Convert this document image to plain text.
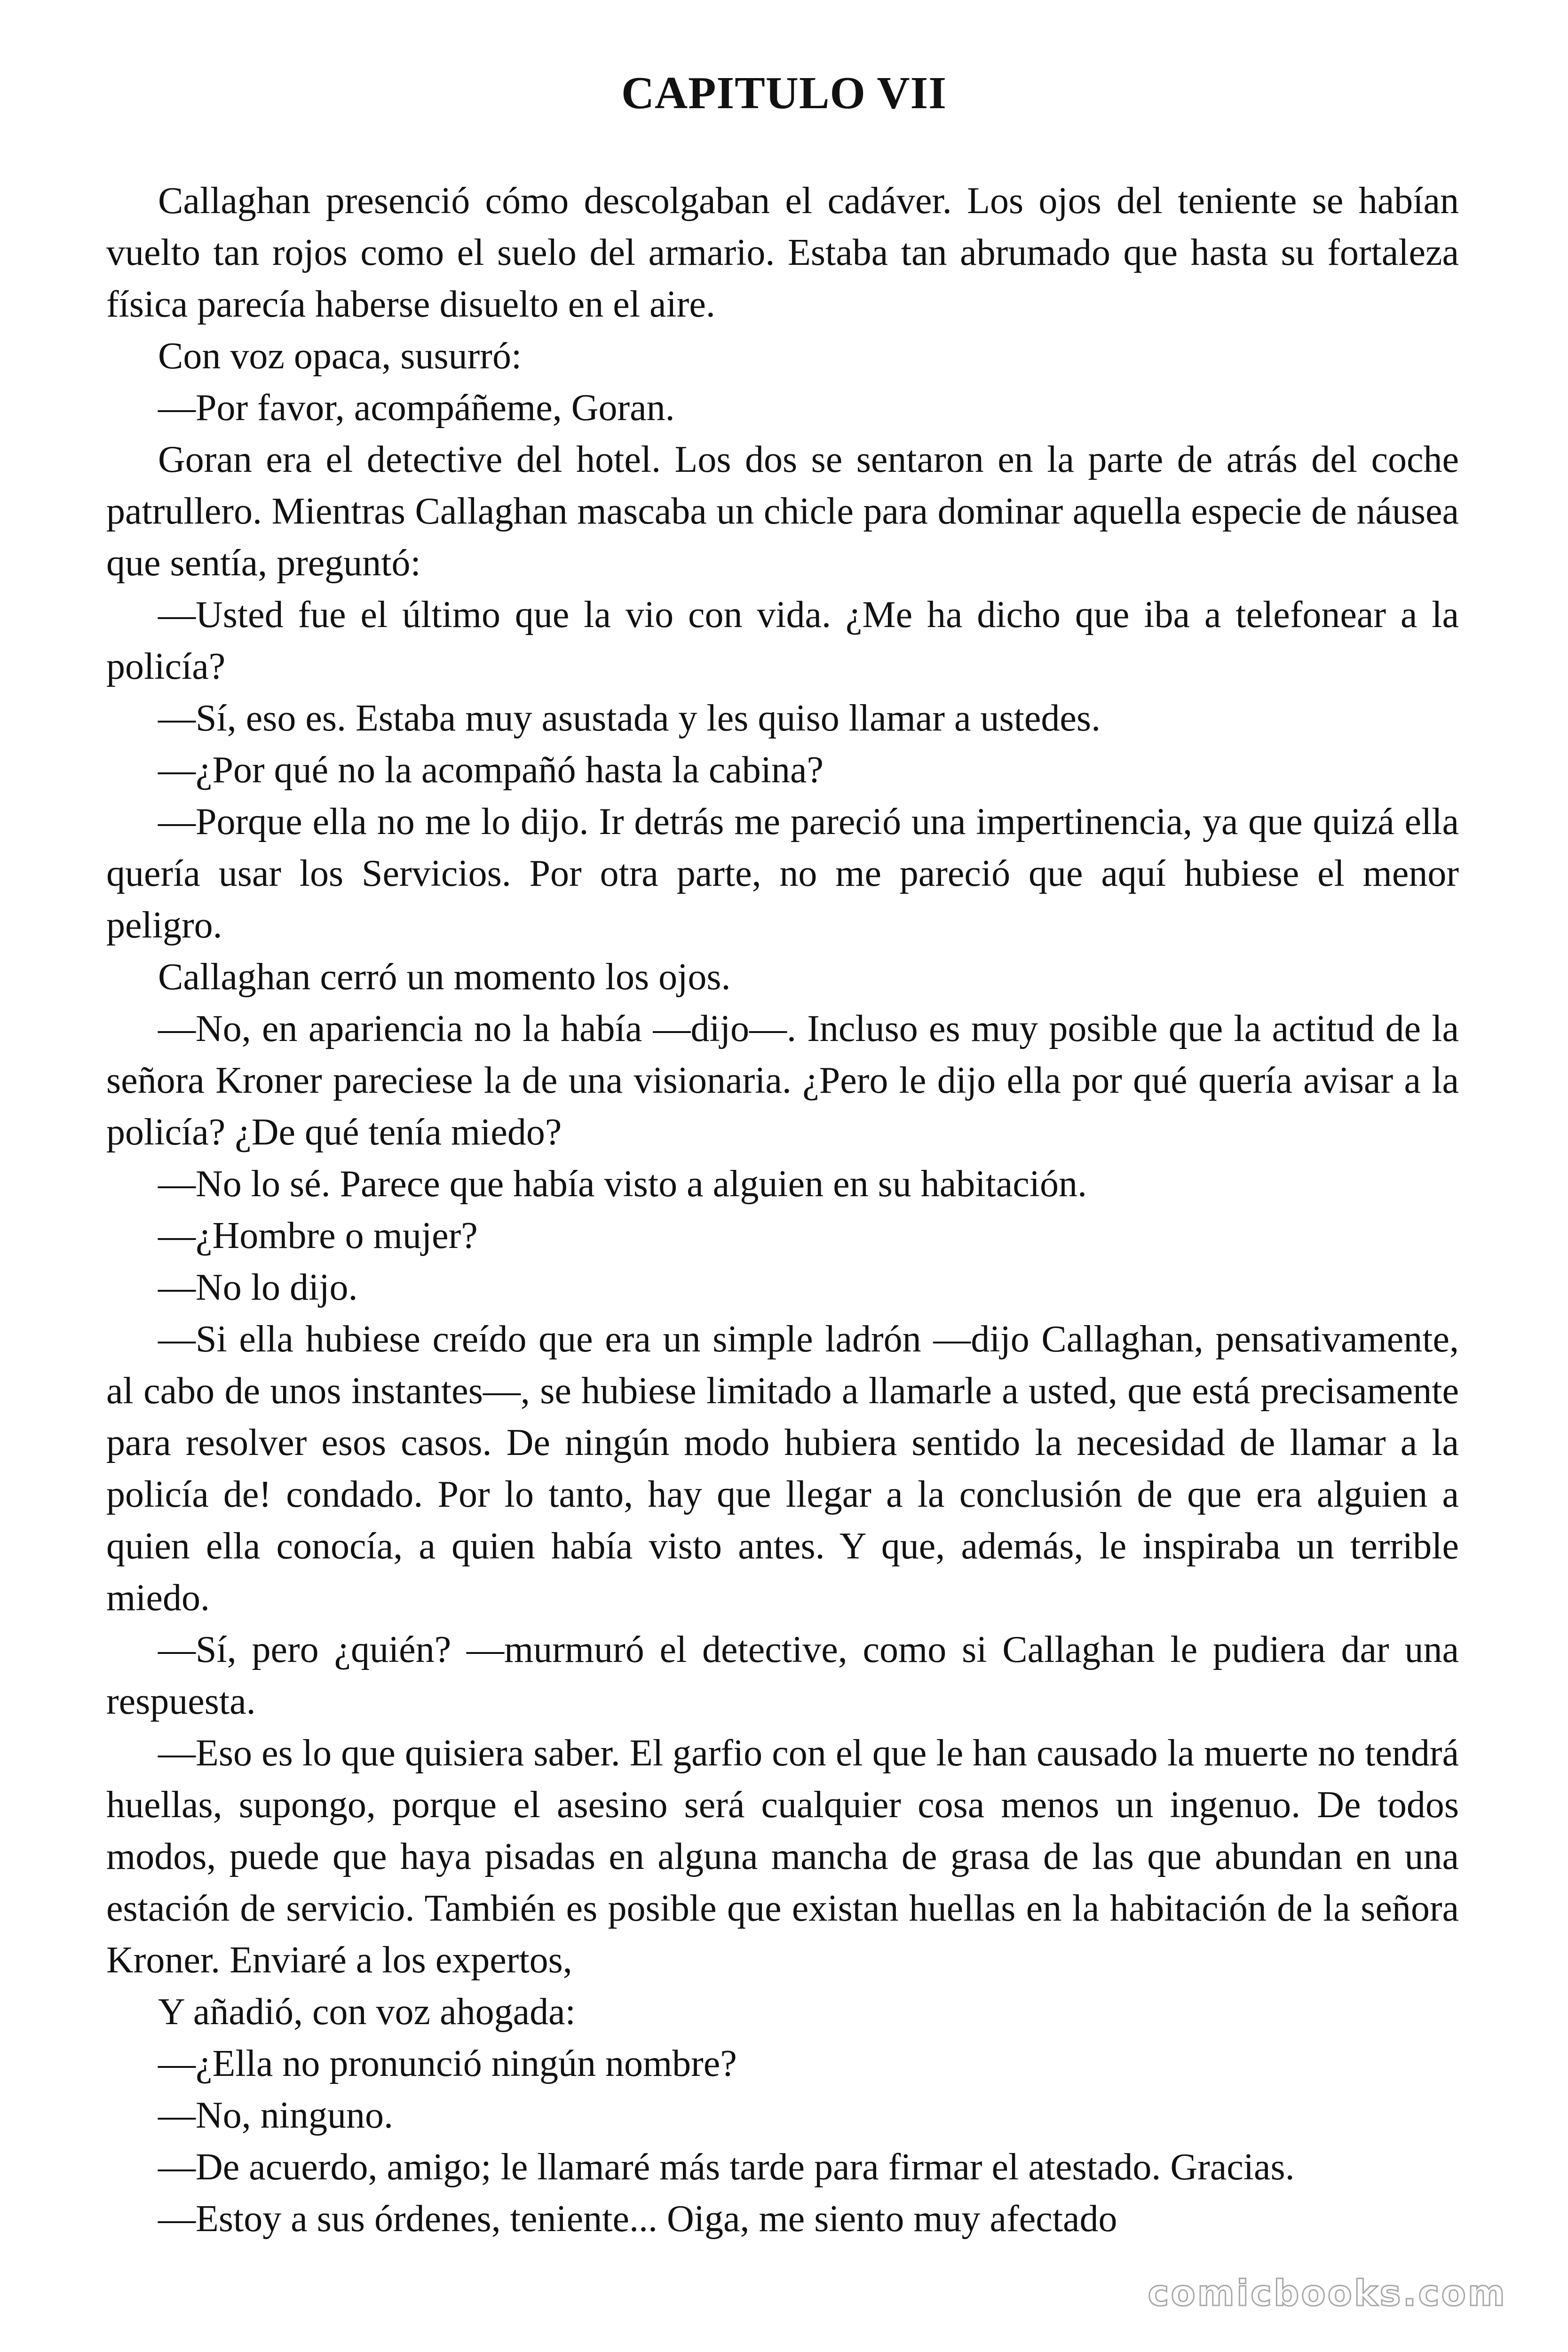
CAPITULO VII

Callaghan presenció cómo descolgaban el cadáver. Los ojos del teniente se habían vuelto tan rojos como el suelo del armario. Estaba tan abrumado que hasta su fortaleza física parecía haberse disuelto en el aire.

Con voz opaca, susurró:

—Por favor, acompáñeme, Goran.

Goran era el detective del hotel. Los dos se sentaron en la parte de atrás del coche patrullero. Mientras Callaghan mascaba un chicle para dominar aquella especie de náusea que sentía, preguntó:

—Usted fue el último que la vio con vida. ¿Me ha dicho que iba a telefonear a la policía?

—Sí, eso es. Estaba muy asustada y les quiso llamar a ustedes.

—¿Por qué no la acompañó hasta la cabina?

—Porque ella no me lo dijo. Ir detrás me pareció una impertinencia, ya que quizá ella quería usar los Servicios. Por otra parte, no me pareció que aquí hubiese el menor peligro.

Callaghan cerró un momento los ojos.

—No, en apariencia no la había —dijo—. Incluso es muy posible que la actitud de la señora Kroner pareciese la de una visionaria. ¿Pero le dijo ella por qué quería avisar a la policía? ¿De qué tenía miedo?

—No lo sé. Parece que había visto a alguien en su habitación.

—¿Hombre o mujer?

—No lo dijo.

—Si ella hubiese creído que era un simple ladrón —dijo Callaghan, pensativamente, al cabo de unos instantes—, se hubiese limitado a llamarle a usted, que está precisamente para resolver esos casos. De ningún modo hubiera sentido la necesidad de llamar a la policía de! condado. Por lo tanto, hay que llegar a la conclusión de que era alguien a quien ella conocía, a quien había visto antes. Y que, además, le inspiraba un terrible miedo.

—Sí, pero ¿quién? —murmuró el detective, como si Callaghan le pudiera dar una respuesta.

—Eso es lo que quisiera saber. El garfio con el que le han causado la muerte no tendrá huellas, supongo, porque el asesino será cualquier cosa menos un ingenuo. De todos modos, puede que haya pisadas en alguna mancha de grasa de las que abundan en una estación de servicio. También es posible que existan huellas en la habitación de la señora Kroner. Enviaré a los expertos,

Y añadió, con voz ahogada:

—¿Ella no pronunció ningún nombre?

—No, ninguno.

—De acuerdo, amigo; le llamaré más tarde para firmar el atestado. Gracias.

—Estoy a sus órdenes, teniente... Oiga, me siento muy afectado

comicbooks.com
